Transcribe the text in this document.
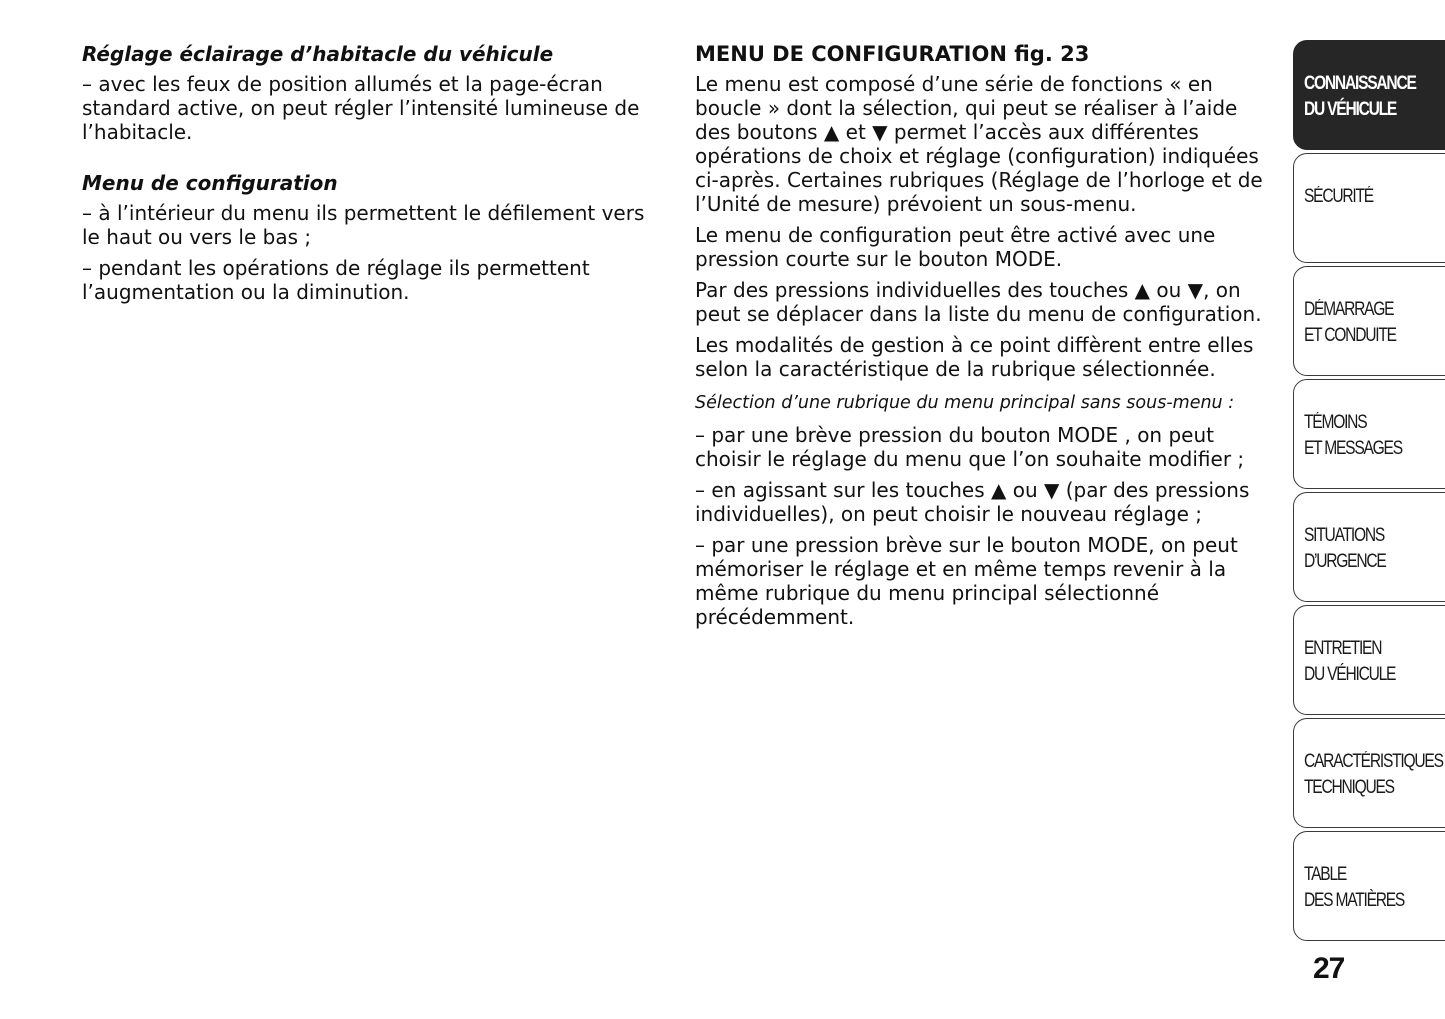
Réglage éclairage d’habitacle du véhicule

– avec les feux de position allumés et la page-écran standard active, on peut régler l’intensité lumineuse de l’habitacle.

Menu de configuration

– à l’intérieur du menu ils permettent le défilement vers
le haut ou vers le bas ;

– pendant les opérations de réglage ils permettent l’augmentation ou la diminution.

MENU DE CONFIGURATION fig. 23

Le menu est composé d’une série de fonctions « en boucle » dont la sélection, qui peut se réaliser à l’aide des boutons ▲ et ▼ permet l’accès aux différentes opérations de choix et réglage (configuration) indiquées ci-après. Certaines rubriques (Réglage de l’horloge et de l’Unité de mesure) prévoient un sous-menu.

Le menu de configuration peut être activé avec une pression courte sur le bouton MODE.

Par des pressions individuelles des touches ▲ ou ▼, on peut se déplacer dans la liste du menu de configuration.

Les modalités de gestion à ce point diffèrent entre elles selon la caractéristique de la rubrique sélectionnée.

Sélection d’une rubrique du menu principal sans sous-menu :

– par une brève pression du bouton MODE , on peut choisir le réglage du menu que l’on souhaite modifier ;

– en agissant sur les touches ▲ ou ▼ (par des pressions individuelles), on peut choisir le nouveau réglage ;

– par une pression brève sur le bouton MODE, on peut mémoriser le réglage et en même temps revenir à la même rubrique du menu principal sélectionné précédemment.

CONNAISSANCE
DU VÉHICULE
SÉCURITÉ
DÉMARRAGE
ET CONDUITE
TÉMOINS
ET MESSAGES
SITUATIONS
D’URGENCE
ENTRETIEN
DU VÉHICULE
CARACTÉRISTIQUES
TECHNIQUES
TABLE
DES MATIÈRES
27
